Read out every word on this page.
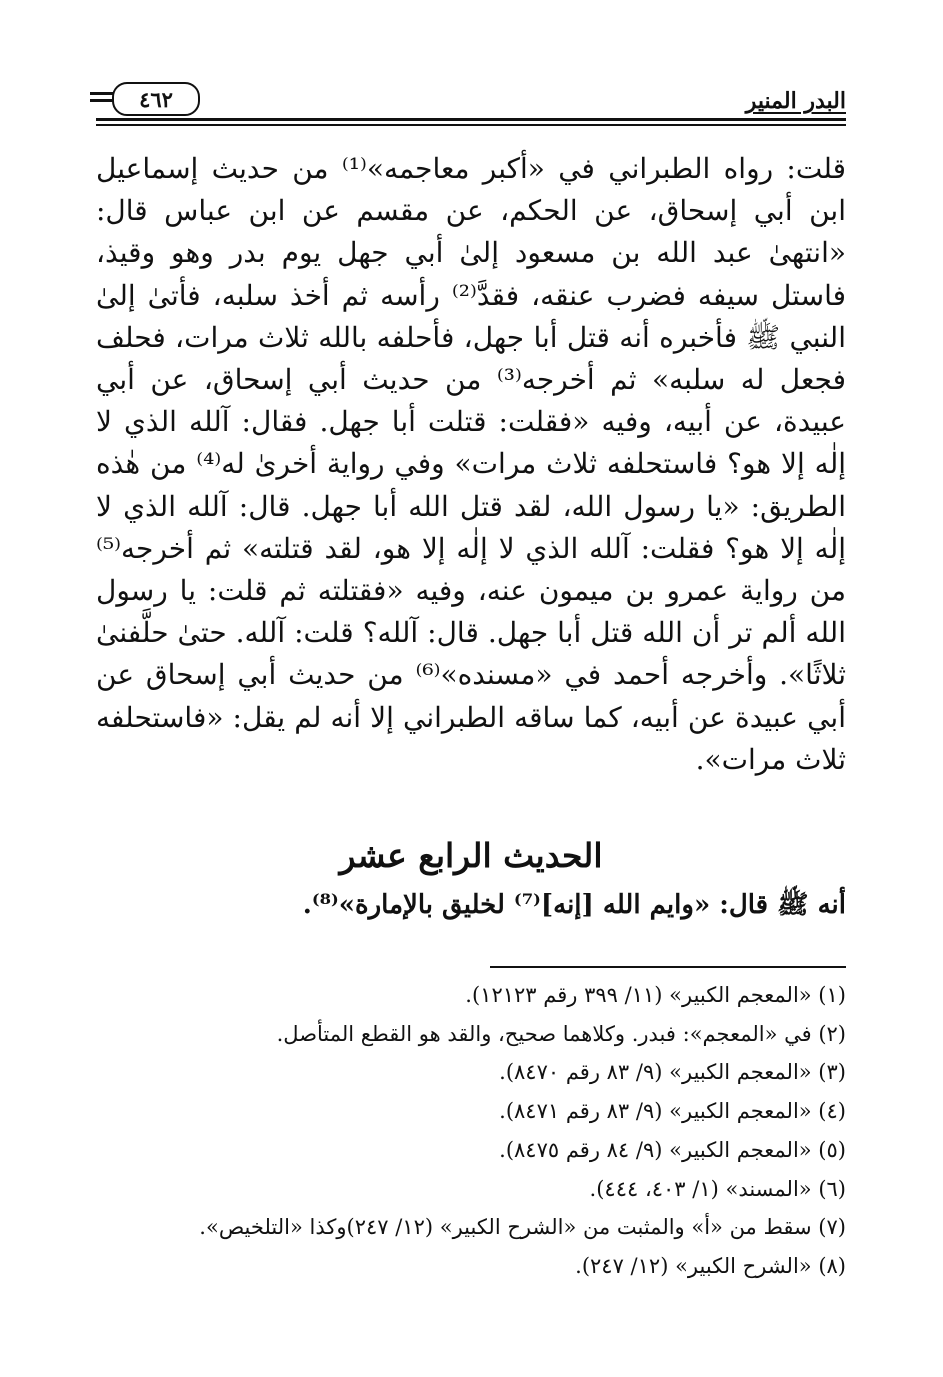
البدر المنير
٤٦٢

قلت: رواه الطبراني في «أكبر معاجمه»⁽¹⁾ من حديث إسماعيل ابن أبي إسحاق، عن الحكم، عن مقسم عن ابن عباس قال: «انتهىٰ عبد الله بن مسعود إلىٰ أبي جهل يوم بدر وهو وقيذ، فاستل سيفه فضرب عنقه، فقدَّ⁽²⁾ رأسه ثم أخذ سلبه، فأتىٰ إلىٰ النبي ﷺ فأخبره أنه قتل أبا جهل، فأحلفه بالله ثلاث مرات، فحلف فجعل له سلبه» ثم أخرجه⁽³⁾ من حديث أبي إسحاق، عن أبي عبيدة، عن أبيه، وفيه «فقلت: قتلت أبا جهل. فقال: آلله الذي لا إلٰه إلا هو؟ فاستحلفه ثلاث مرات» وفي رواية أخرىٰ له⁽⁴⁾ من هٰذه الطريق: «يا رسول الله، لقد قتل الله أبا جهل. قال: آلله الذي لا إلٰه إلا هو؟ فقلت: آلله الذي لا إلٰه إلا هو، لقد قتلته» ثم أخرجه⁽⁵⁾ من رواية عمرو بن ميمون عنه، وفيه «فقتلته ثم قلت: يا رسول الله ألم تر أن الله قتل أبا جهل. قال: آلله؟ قلت: آلله. حتىٰ حلَّفنىٰ ثلاثًا». وأخرجه أحمد في «مسنده»⁽⁶⁾ من حديث أبي إسحاق عن أبي عبيدة عن أبيه، كما ساقه الطبراني إلا أنه لم يقل: «فاستحلفه ثلاث مرات».

الحديث الرابع عشر

أنه ﷺ قال: «وايم الله [إنه]⁽⁷⁾ لخليق بالإمارة»⁽⁸⁾.

(١) «المعجم الكبير» (١١/ ٣٩٩ رقم ١٢١٢٣).
(٢) في «المعجم»: فبدر. وكلاهما صحيح، والقد هو القطع المتأصل.
(٣) «المعجم الكبير» (٩/ ٨٣ رقم ٨٤٧٠).
(٤) «المعجم الكبير» (٩/ ٨٣ رقم ٨٤٧١).
(٥) «المعجم الكبير» (٩/ ٨٤ رقم ٨٤٧٥).
(٦) «المسند» (١/ ٤٠٣، ٤٤٤).
(٧) سقط من «أ» والمثبت من «الشرح الكبير» (١٢/ ٢٤٧)وكذا «التلخيص».
(٨) «الشرح الكبير» (١٢/ ٢٤٧).
